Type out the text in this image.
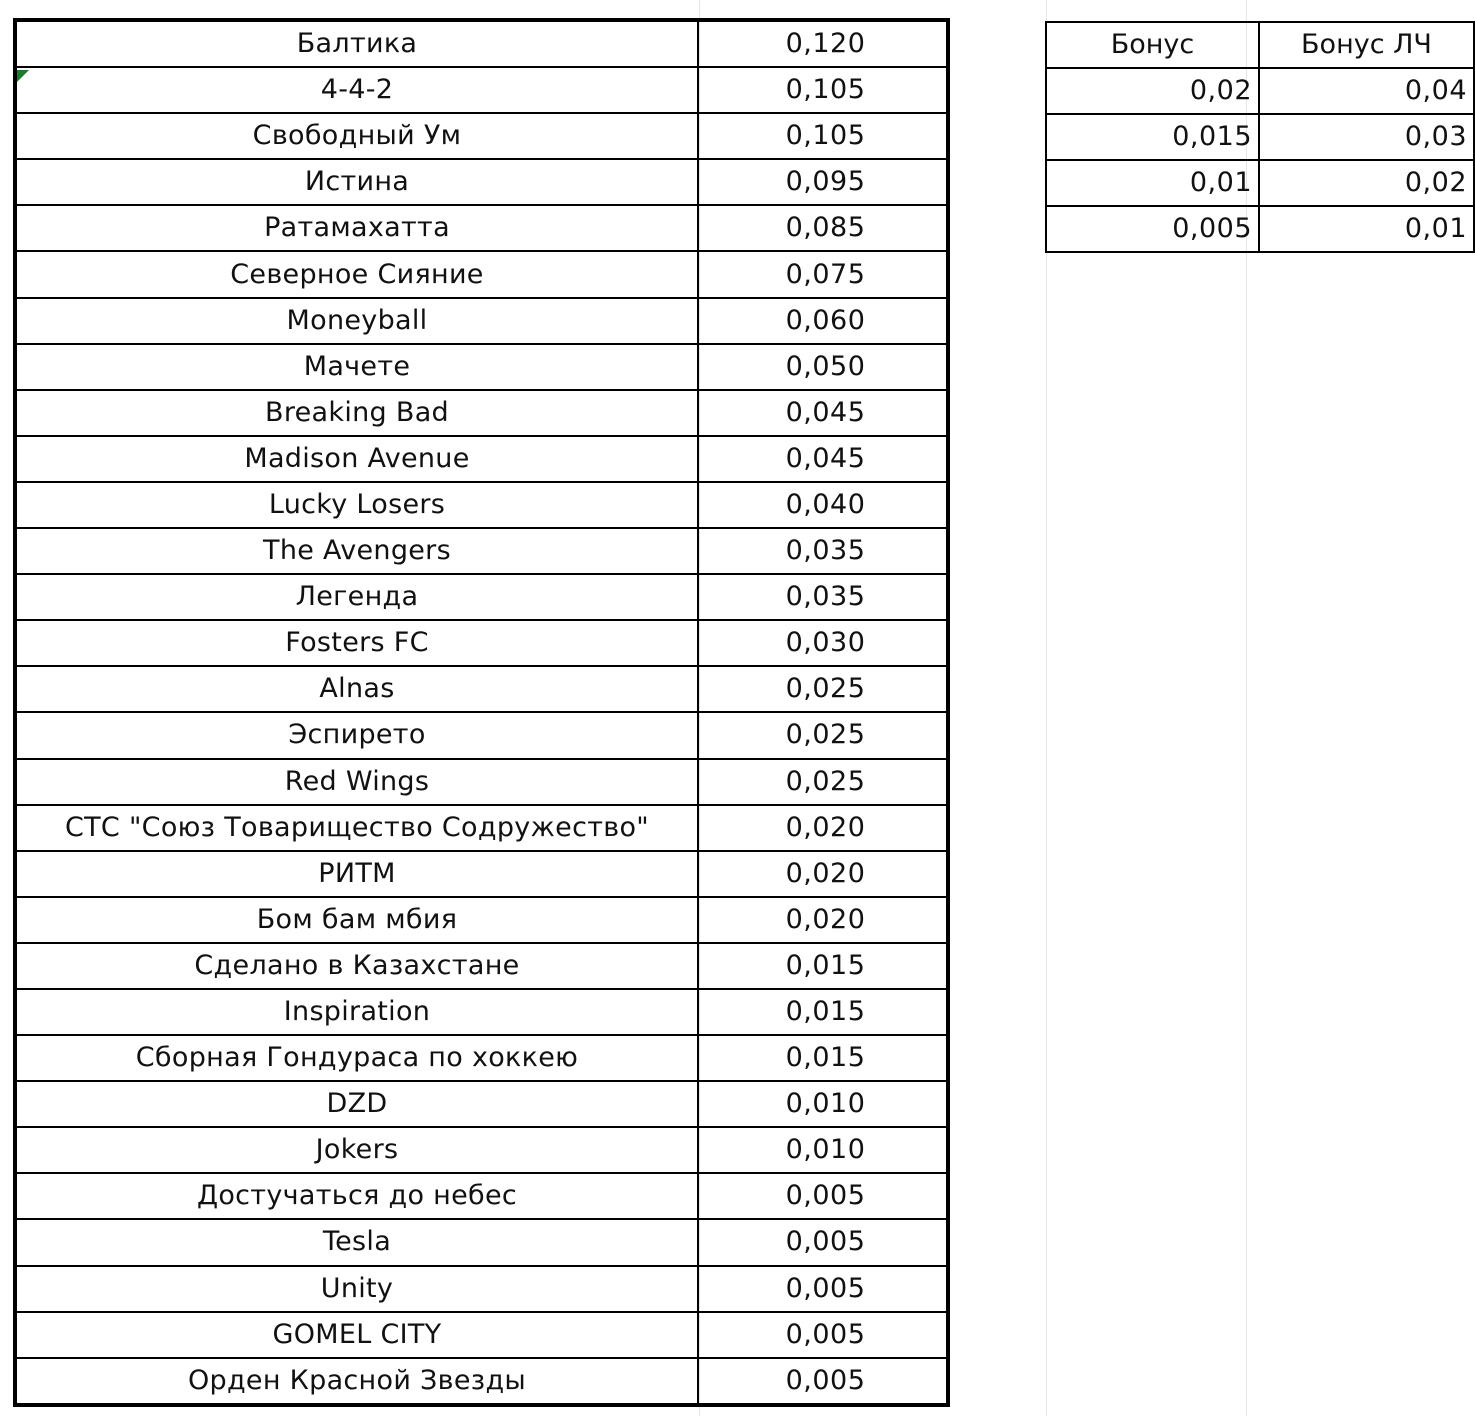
Балтика	0,120
4-4-2	0,105
Свободный Ум	0,105
Истина	0,095
Ратамахатта	0,085
Северное Сияние	0,075
Moneyball	0,060
Мачете	0,050
Breaking Bad	0,045
Madison Avenue	0,045
Lucky Losers	0,040
The Avengers	0,035
Легенда	0,035
Fosters FC	0,030
Alnas	0,025
Эспирето	0,025
Red Wings	0,025
СТС "Союз Товарищество Содружество"	0,020
РИТМ	0,020
Бом бам мбия	0,020
Сделано в Казахстане	0,015
Inspiration	0,015
Сборная Гондураса по хоккею	0,015
DZD	0,010
Jokers	0,010
Достучаться до небес	0,005
Tesla	0,005
Unity	0,005
GOMEL CITY	0,005
Орден Красной Звезды	0,005
Бонус	Бонус ЛЧ
0,02	0,04
0,015	0,03
0,01	0,02
0,005	0,01
